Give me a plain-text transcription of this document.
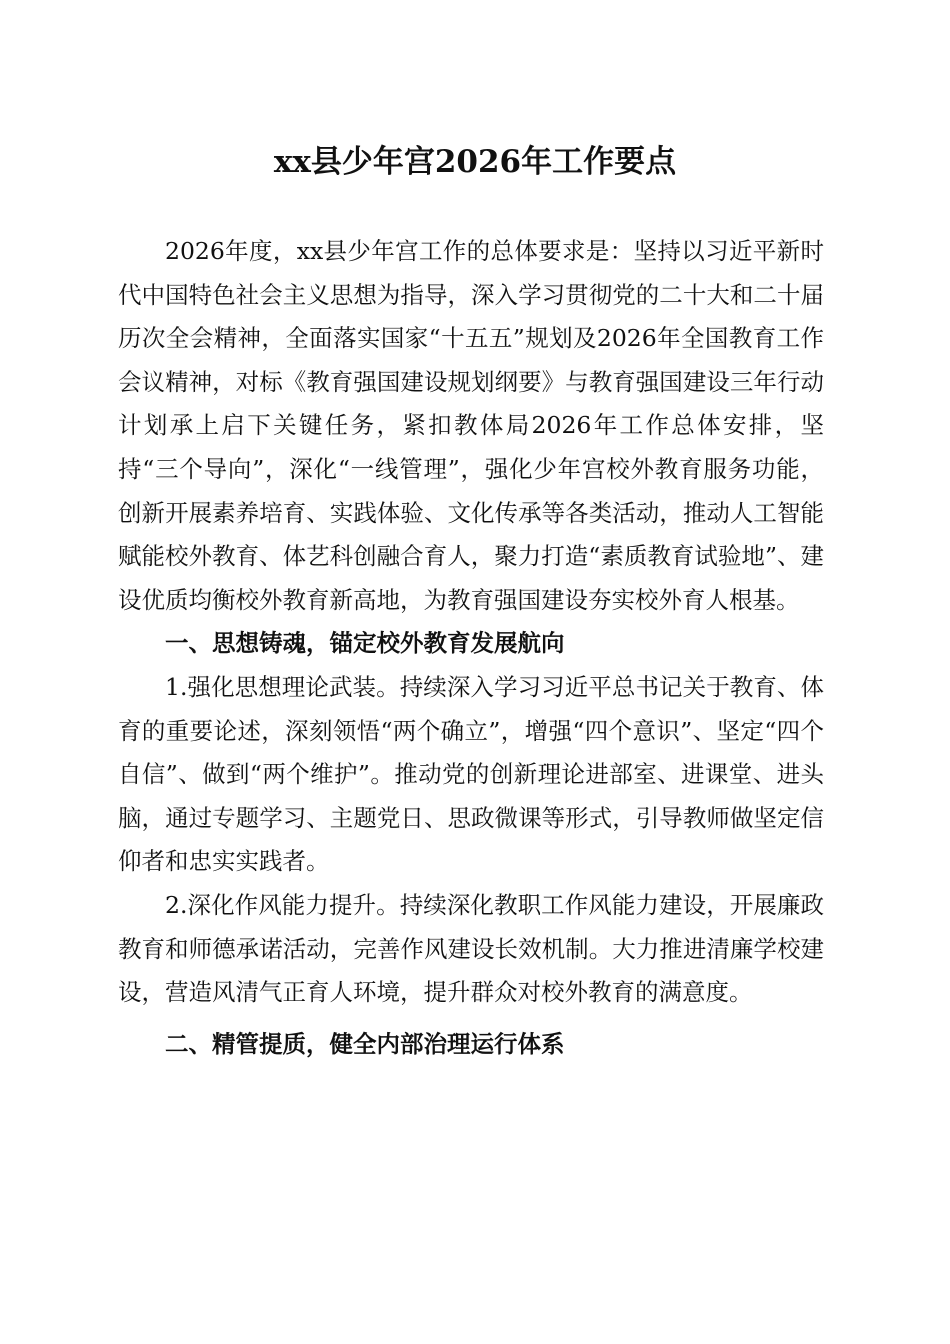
xx县少年宫2026年工作要点

2026年度，xx县少年宫工作的总体要求是：坚持以习近平新时代中国特色社会主义思想为指导，深入学习贯彻党的二十大和二十届历次全会精神，全面落实国家“十五五”规划及2026年全国教育工作会议精神，对标《教育强国建设规划纲要》与教育强国建设三年行动计划承上启下关键任务，紧扣教体局2026年工作总体安排，坚持“三个导向”，深化“一线管理”，强化少年宫校外教育服务功能，创新开展素养培育、实践体验、文化传承等各类活动，推动人工智能赋能校外教育、体艺科创融合育人，聚力打造“素质教育试验地”、建设优质均衡校外教育新高地，为教育强国建设夯实校外育人根基。

一、思想铸魂，锚定校外教育发展航向

1.强化思想理论武装。持续深入学习习近平总书记关于教育、体育的重要论述，深刻领悟“两个确立”，增强“四个意识”、坚定“四个自信”、做到“两个维护”。推动党的创新理论进部室、进课堂、进头脑，通过专题学习、主题党日、思政微课等形式，引导教师做坚定信仰者和忠实实践者。

2.深化作风能力提升。持续深化教职工作风能力建设，开展廉政教育和师德承诺活动，完善作风建设长效机制。大力推进清廉学校建设，营造风清气正育人环境，提升群众对校外教育的满意度。

二、精管提质，健全内部治理运行体系
